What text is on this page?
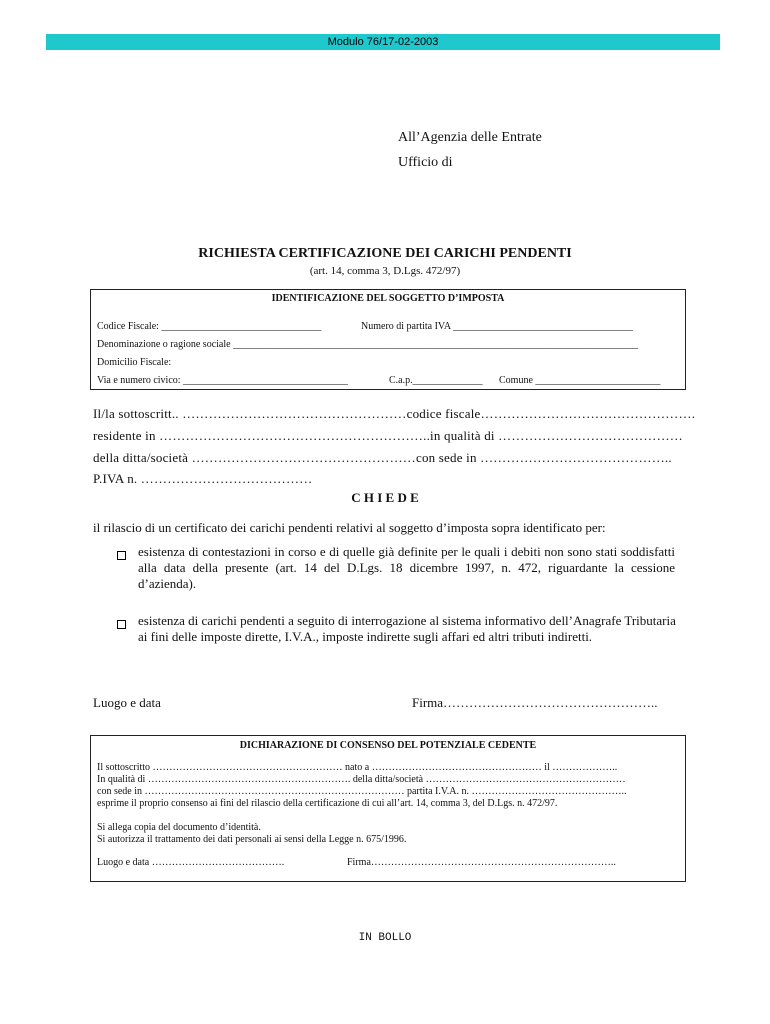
Modulo 76/17-02-2003
All’Agenzia delle Entrate
Ufficio di
RICHIESTA CERTIFICAZIONE DEI CARICHI PENDENTI
(art. 14, comma 3, D.Lgs. 472/97)
IDENTIFICAZIONE DEL SOGGETTO D’IMPOSTA
Codice Fiscale: ________________________________	Numero di partita IVA ____________________________________
Denominazione o ragione sociale _________________________________________________________________________________
Domicilio Fiscale:
Via e numero civico: _________________________________	C.a.p.______________ Comune _________________________
Il/la sottoscritt.. ……………………………………………codice fiscale………………………………………….
residente in ……………………………………………………..in qualità di ……………………………………
della ditta/società ……………………………………………con sede in ……………………………………..
P.IVA n. …………………………………
C H I E D E
il rilascio di un certificato dei carichi pendenti relativi al soggetto d’imposta sopra identificato per:
esistenza di contestazioni in corso e di quelle già definite per le quali i debiti non sono stati soddisfatti alla data della presente (art. 14 del D.Lgs. 18 dicembre 1997, n. 472, riguardante la cessione d’azienda).
esistenza di carichi pendenti a seguito di interrogazione al sistema informativo dell’Anagrafe Tributaria ai fini delle imposte dirette, I.V.A., imposte indirette sugli affari ed altri tributi indiretti.
Luogo e data	Firma…………………………………………..
DICHIARAZIONE DI CONSENSO DEL POTENZIALE CEDENTE
Il sottoscritto ………………………………………………… nato a …………………………………………… il ………………..
In qualità di ……………………………………………………. della ditta/società ……………………………………………………
con sede in …………………………………………………………………… partita I.V.A. n. ………………………………………..
esprime il proprio consenso ai fini del rilascio della certificazione di cui all’art. 14, comma 3, del D.Lgs. n. 472/97.
Si allega copia del documento d’identità.
Si autorizza il trattamento dei dati personali ai sensi della Legge n. 675/1996.
Luogo e data ………………………………….	Firma………………………………………………………………..
IN BOLLO
